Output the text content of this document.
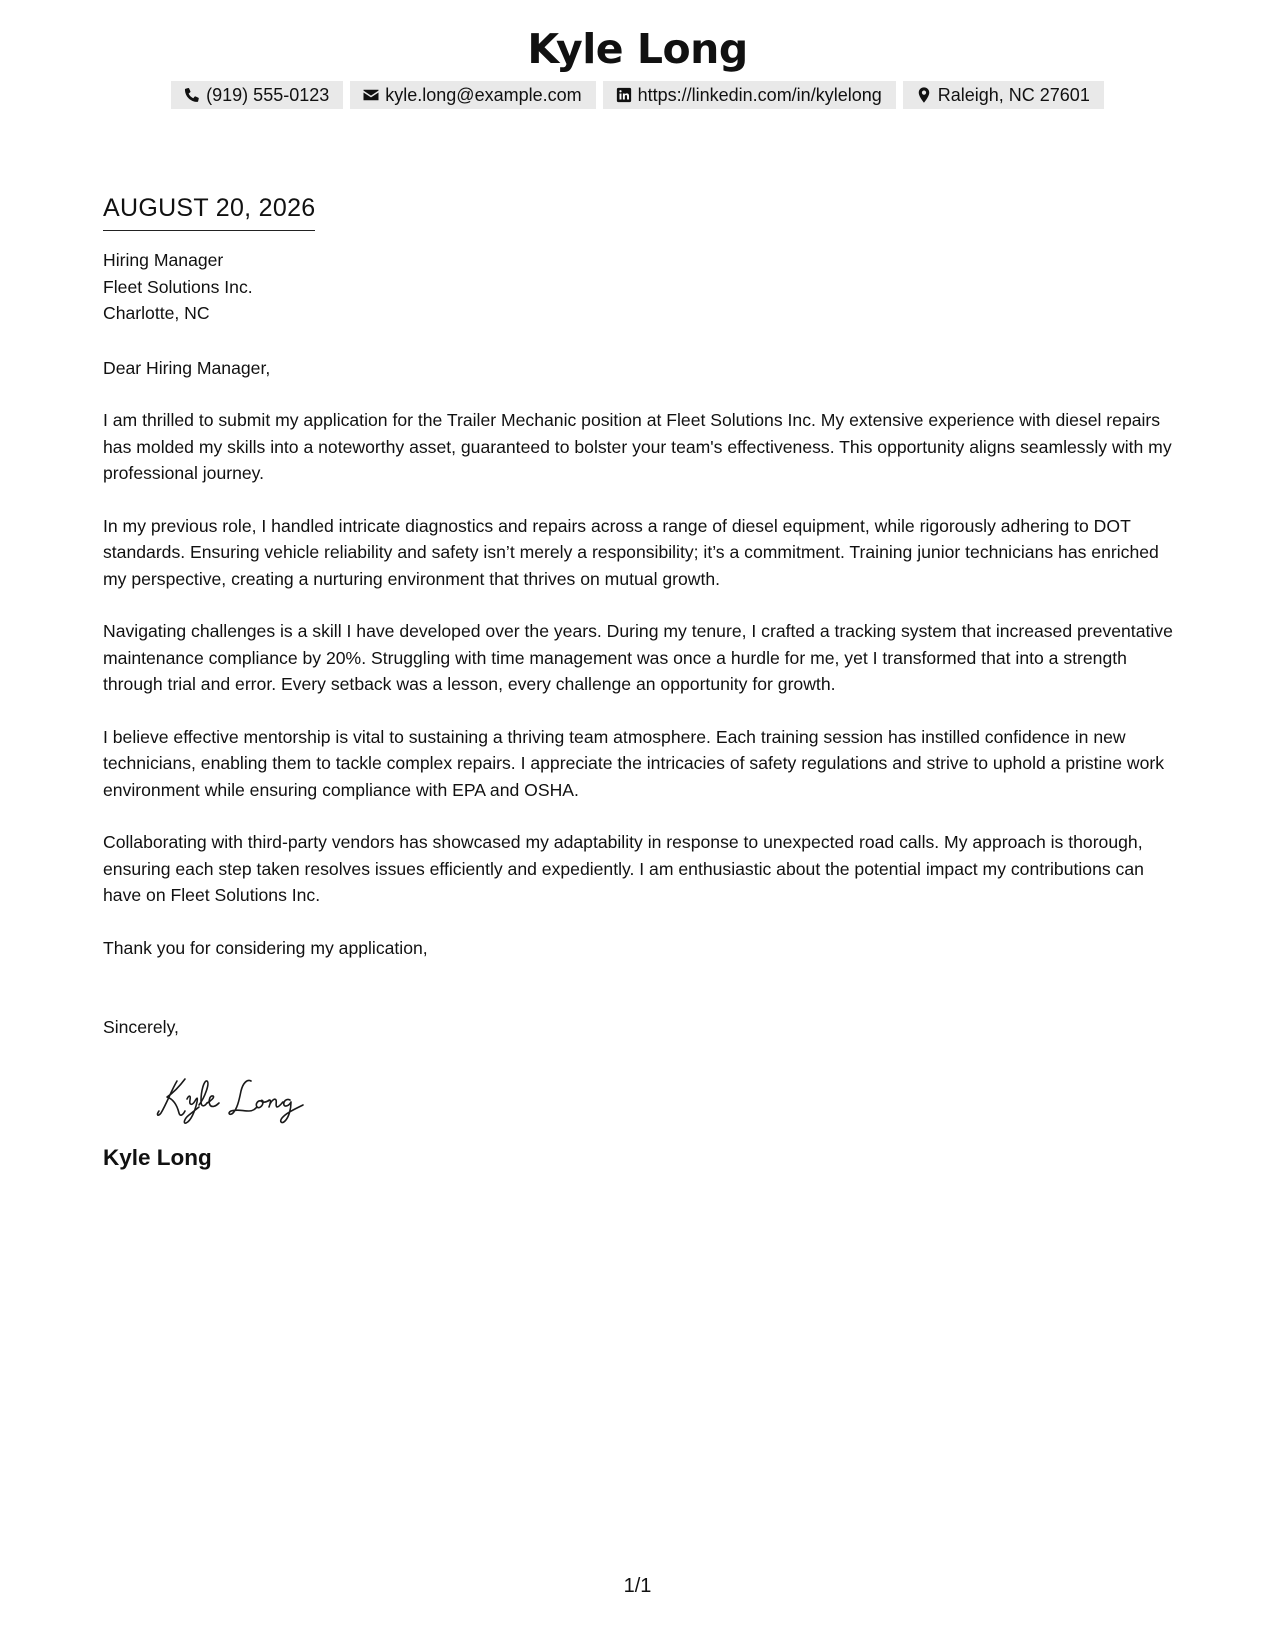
Kyle Long
(919) 555-0123	kyle.long@example.com	https://linkedin.com/in/kylelong	Raleigh, NC 27601
AUGUST 20, 2026
Hiring Manager
Fleet Solutions Inc.
Charlotte, NC
Dear Hiring Manager,
I am thrilled to submit my application for the Trailer Mechanic position at Fleet Solutions Inc. My extensive experience with diesel repairs has molded my skills into a noteworthy asset, guaranteed to bolster your team's effectiveness. This opportunity aligns seamlessly with my professional journey.
In my previous role, I handled intricate diagnostics and repairs across a range of diesel equipment, while rigorously adhering to DOT standards. Ensuring vehicle reliability and safety isn’t merely a responsibility; it’s a commitment. Training junior technicians has enriched my perspective, creating a nurturing environment that thrives on mutual growth.
Navigating challenges is a skill I have developed over the years. During my tenure, I crafted a tracking system that increased preventative maintenance compliance by 20%. Struggling with time management was once a hurdle for me, yet I transformed that into a strength through trial and error. Every setback was a lesson, every challenge an opportunity for growth.
I believe effective mentorship is vital to sustaining a thriving team atmosphere. Each training session has instilled confidence in new technicians, enabling them to tackle complex repairs. I appreciate the intricacies of safety regulations and strive to uphold a pristine work environment while ensuring compliance with EPA and OSHA.
Collaborating with third-party vendors has showcased my adaptability in response to unexpected road calls. My approach is thorough, ensuring each step taken resolves issues efficiently and expediently. I am enthusiastic about the potential impact my contributions can have on Fleet Solutions Inc.
Thank you for considering my application,
Sincerely,
Kyle Long
1/1
